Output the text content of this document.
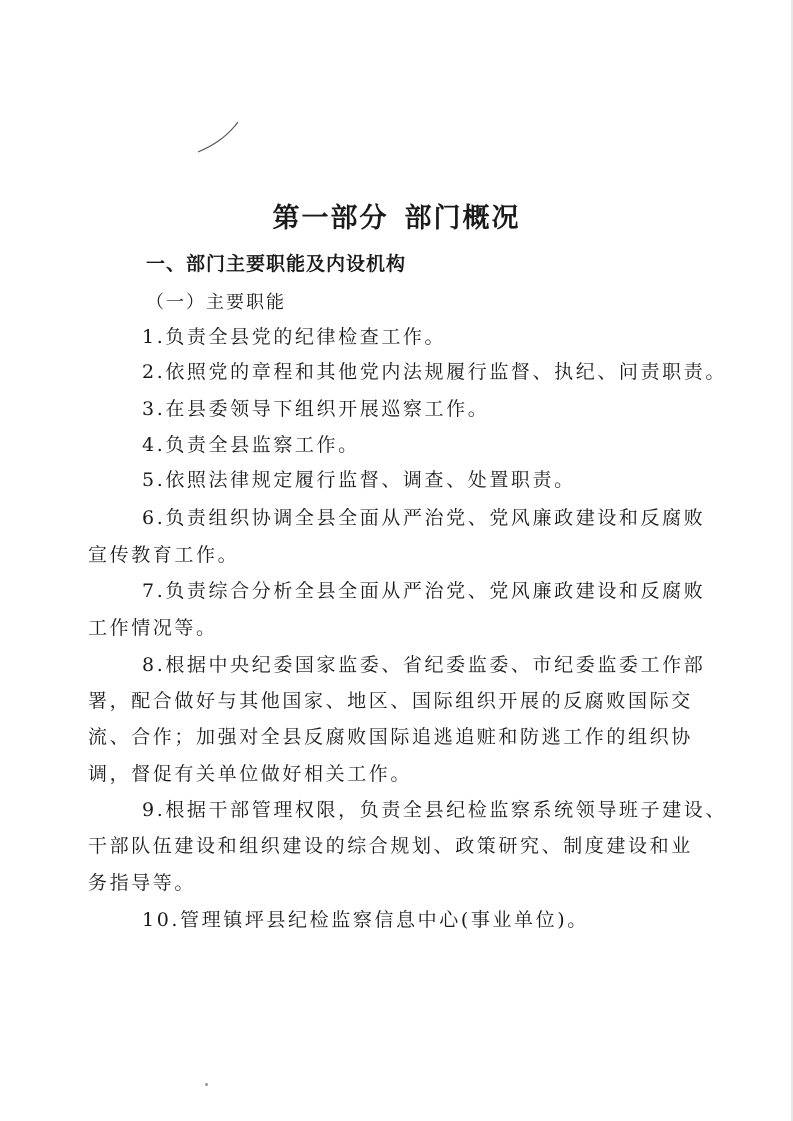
第一部分 部门概况
一、部门主要职能及内设机构
（一）主要职能
1.负责全县党的纪律检查工作。
2.依照党的章程和其他党内法规履行监督、执纪、问责职责。
3.在县委领导下组织开展巡察工作。
4.负责全县监察工作。
5.依照法律规定履行监督、调查、处置职责。
6.负责组织协调全县全面从严治党、党风廉政建设和反腐败
宣传教育工作。
7.负责综合分析全县全面从严治党、党风廉政建设和反腐败
工作情况等。
8.根据中央纪委国家监委、省纪委监委、市纪委监委工作部
署，配合做好与其他国家、地区、国际组织开展的反腐败国际交
流、合作；加强对全县反腐败国际追逃追赃和防逃工作的组织协
调，督促有关单位做好相关工作。
9.根据干部管理权限，负责全县纪检监察系统领导班子建设、
干部队伍建设和组织建设的综合规划、政策研究、制度建设和业
务指导等。
10.管理镇坪县纪检监察信息中心(事业单位)。
